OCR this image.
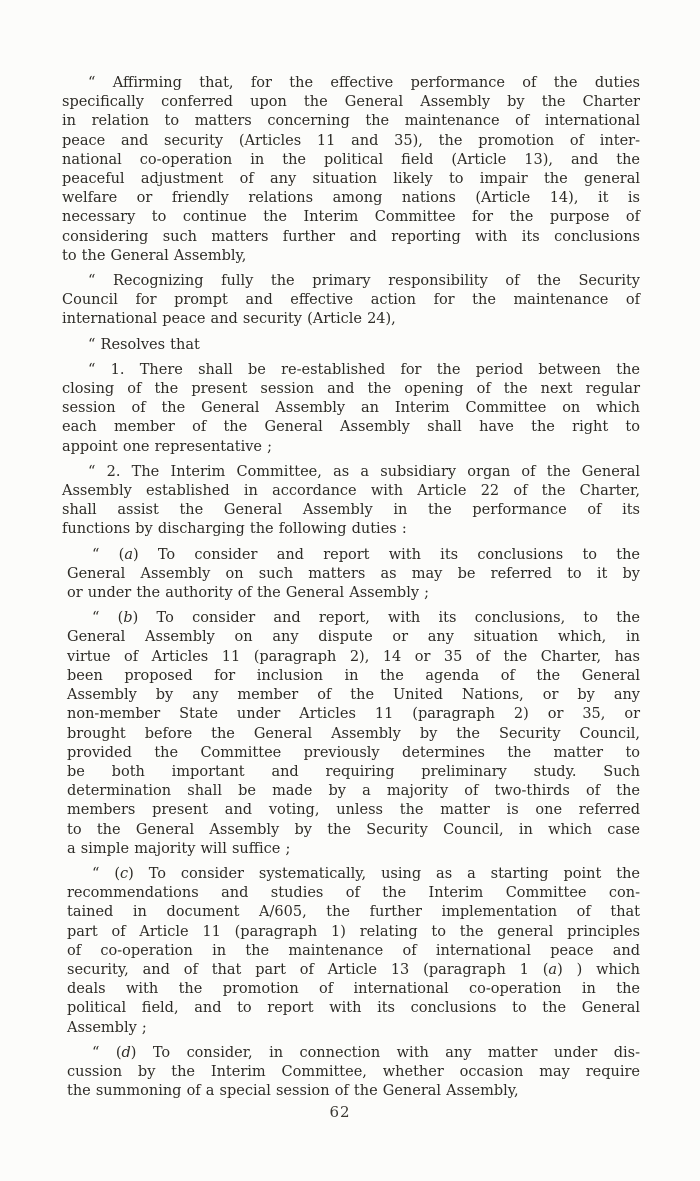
“ Affirming that, for the effective performance of the duties
specifically conferred upon the General Assembly by the Charter
in relation to matters concerning the maintenance of international
peace and security (Articles 11 and 35), the promotion of inter-
national co-operation in the political field (Article 13), and the
peaceful adjustment of any situation likely to impair the general
welfare or friendly relations among nations (Article 14), it is
necessary to continue the Interim Committee for the purpose of
considering such matters further and reporting with its conclusions
to the General Assembly,
“ Recognizing fully the primary responsibility of the Security
Council for prompt and effective action for the maintenance of
international peace and security (Article 24),
“ Resolves that
“ 1. There shall be re-established for the period between the
closing of the present session and the opening of the next regular
session of the General Assembly an Interim Committee on which
each member of the General Assembly shall have the right to
appoint one representative ;
“ 2. The Interim Committee, as a subsidiary organ of the General
Assembly established in accordance with Article 22 of the Charter,
shall assist the General Assembly in the performance of its
functions by discharging the following duties :
“ (a) To consider and report with its conclusions to the
General Assembly on such matters as may be referred to it by
or under the authority of the General Assembly ;
“ (b) To consider and report, with its conclusions, to the
General Assembly on any dispute or any situation which, in
virtue of Articles 11 (paragraph 2), 14 or 35 of the Charter, has
been proposed for inclusion in the agenda of the General
Assembly by any member of the United Nations, or by any
non-member State under Articles 11 (paragraph 2) or 35, or
brought before the General Assembly by the Security Council,
provided the Committee previously determines the matter to
be both important and requiring preliminary study. Such
determination shall be made by a majority of two-thirds of the
members present and voting, unless the matter is one referred
to the General Assembly by the Security Council, in which case
a simple majority will suffice ;
“ (c) To consider systematically, using as a starting point the
recommendations and studies of the Interim Committee con-
tained in document A/605, the further implementation of that
part of Article 11 (paragraph 1) relating to the general principles
of co-operation in the maintenance of international peace and
security, and of that part of Article 13 (paragraph 1 (a) ) which
deals with the promotion of international co-operation in the
political field, and to report with its conclusions to the General
Assembly ;
“ (d) To consider, in connection with any matter under dis-
cussion by the Interim Committee, whether occasion may require
the summoning of a special session of the General Assembly,
62
